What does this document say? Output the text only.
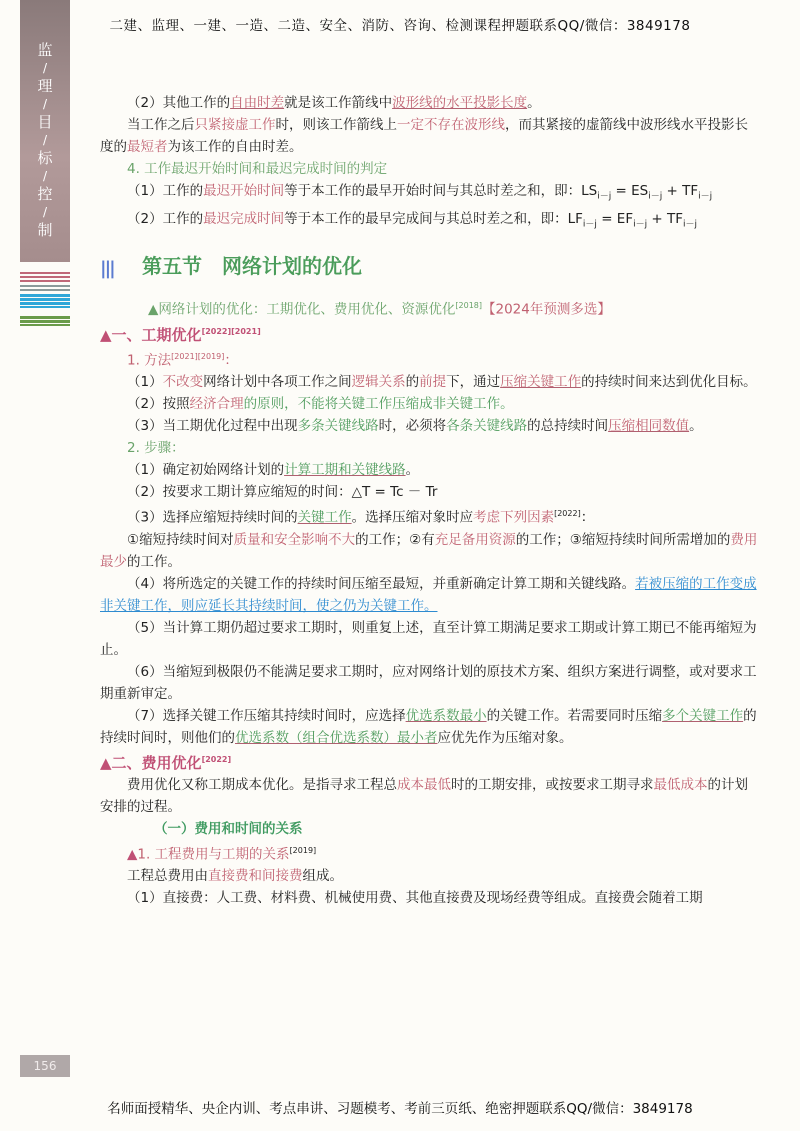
二建、监理、一建、一造、二造、安全、消防、咨询、检测课程押题联系QQ/微信：3849178
监
/
理
/
目
/
标
/
控
/
制
156

（2）其他工作的自由时差就是该工作箭线中波形线的水平投影长度。

当工作之后只紧接虚工作时，则该工作箭线上一定不存在波形线，而其紧接的虚箭线中波形线水平投影长度的最短者为该工作的自由时差。

4. 工作最迟开始时间和最迟完成时间的判定

（1）工作的最迟开始时间等于本工作的最早开始时间与其总时差之和，即：$LS_{i-j} = ES_{i-j} + TF_{i-j}$

（2）工作的最迟完成时间等于本工作的最早完成间与其总时差之和，即：$LF_{i-j} = EF_{i-j} + TF_{i-j}$

||| 第五节　网络计划的优化

▲网络计划的优化：工期优化、费用优化、资源优化[2018]【2024年预测多选】

▲一、工期优化[2022][2021]

1. 方法[2021][2019]：

（1）不改变网络计划中各项工作之间逻辑关系的前提下，通过压缩关键工作的持续时间来达到优化目标。

（2）按照经济合理的原则，不能将关键工作压缩成非关键工作。

（3）当工期优化过程中出现多条关键线路时，必须将各条关键线路的总持续时间压缩相同数值。

2. 步骤：

（1）确定初始网络计划的计算工期和关键线路。

（2）按要求工期计算应缩短的时间：△T = Tc － Tr

（3）选择应缩短持续时间的关键工作。选择压缩对象时应考虑下列因素[2022]：

①缩短持续时间对质量和安全影响不大的工作；②有充足备用资源的工作；③缩短持续时间所需增加的费用最少的工作。

（4）将所选定的关键工作的持续时间压缩至最短，并重新确定计算工期和关键线路。若被压缩的工作变成非关键工作，则应延长其持续时间，使之仍为关键工作。

（5）当计算工期仍超过要求工期时，则重复上述，直至计算工期满足要求工期或计算工期已不能再缩短为止。

（6）当缩短到极限仍不能满足要求工期时，应对网络计划的原技术方案、组织方案进行调整，或对要求工期重新审定。

（7）选择关键工作压缩其持续时间时，应选择优选系数最小的关键工作。若需要同时压缩多个关键工作的持续时间时，则他们的优选系数（组合优选系数）最小者应优先作为压缩对象。

▲二、费用优化[2022]

费用优化又称工期成本优化。是指寻求工程总成本最低时的工期安排，或按要求工期寻求最低成本的计划安排的过程。

（一）费用和时间的关系

▲1. 工程费用与工期的关系[2019]

工程总费用由直接费和间接费组成。

（1）直接费：人工费、材料费、机械使用费、其他直接费及现场经费等组成。直接费会随着工期

名师面授精华、央企内训、考点串讲、习题模考、考前三页纸、绝密押题联系QQ/微信：3849178
